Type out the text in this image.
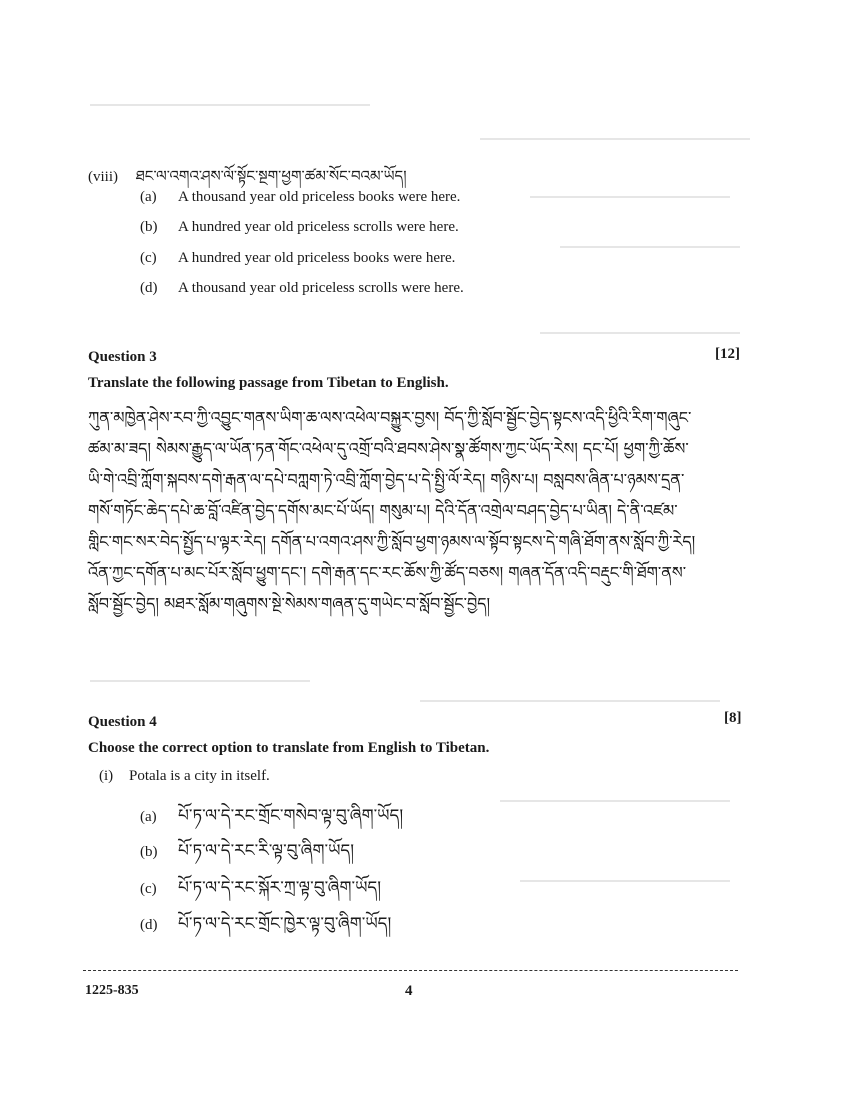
(viii) ཐང་ལ་འགའ་ཤས་ལོ་སྟོང་སྔག་ཕྱག་ཚམ་སོང་བའམ་ཡོད།
(a) A thousand year old priceless books were here.
(b) A hundred year old priceless scrolls were here.
(c) A hundred year old priceless books were here.
(d) A thousand year old priceless scrolls were here.
Question 3	[12]
Translate the following passage from Tibetan to English.
ཀུན་མཁྱེན་ཤེས་རབ་ཀྱི་འབྱུང་གནས་ཡིག་ཆ་ལས་འཕེལ་བསྐྱུར་བྱས། བོད་ཀྱི་སློབ་སྦྱོང་བྱེད་སྟངས་འདི་ཕྱིའི་རིག་གཞུང་ཚམ་མ་ཟད། སེམས་རྒྱུད་ལ་ཡོན་ཏན་གོང་འཕེལ་དུ་འགྲོ་བའི་ཐབས་ཤེས་སྣ་ཚོགས་ཀྱང་ཡོད་རེས། དང་པོ། ཕྱག་ཀྱི་ཆོས་ཡི་གེ་འབྲི་ཀློག་སྐབས་དགེ་རྒན་ལ་དཔེ་བཀླག་ཏེ་འབྲི་ཀློག་བྱེད་པ་དེ་སྤྱི་ལོ་རེད། གཉིས་པ། བསླབས་ཞིན་པ་ཉམས་དྲན་གསོ་གཏོང་ཆེད་དཔེ་ཆ་བློ་འཛིན་བྱེད་དགོས་མང་པོ་ཡོད། གསུམ་པ། དེའི་དོན་འགྲེལ་བཤད་བྱེད་པ་ཡིན། དེ་ནི་འཛམ་གླིང་གང་སར་བེད་སྤྱོད་པ་ལྟར་རེད། དགོན་པ་འགའ་ཤས་ཀྱི་སློབ་ཕྱག་ཉམས་ལ་སྟོབ་སྟངས་དེ་གཞི་ཐོག་ནས་སློབ་ཀྱི་རེད། འོན་ཀྱང་དགོན་པ་མང་པོར་སློབ་ཕྱུག་དང་། དགེ་རྒན་དང་རང་ཆོས་ཀྱི་ཚོད་བཅས། གཞན་དོན་འདི་བརྡུང་གི་ཐོག་ནས་སློབ་སྦྱོང་བྱེད། མཐར་སློམ་གཞུགས་སྔེ་སེམས་གཞན་དུ་གཡེང་བ་སློབ་སྦྱོང་བྱེད།
Question 4	[8]
Choose the correct option to translate from English to Tibetan.
(i) Potala is a city in itself.
(a) པོ་ཏ་ལ་དེ་རང་གྲོང་གསེབ་ལྟ་བུ་ཞིག་ཡོད།
(b) པོ་ཏ་ལ་དེ་རང་རི་ལྟ་བུ་ཞིག་ཡོད།
(c) པོ་ཏ་ལ་དེ་རང་སྐོར་ཀྲ་ལྟ་བུ་ཞིག་ཡོད།
(d) པོ་ཏ་ལ་དེ་རང་གྲོང་ཁྱེར་ལྟ་བུ་ཞིག་ཡོད།
1225-835	4
